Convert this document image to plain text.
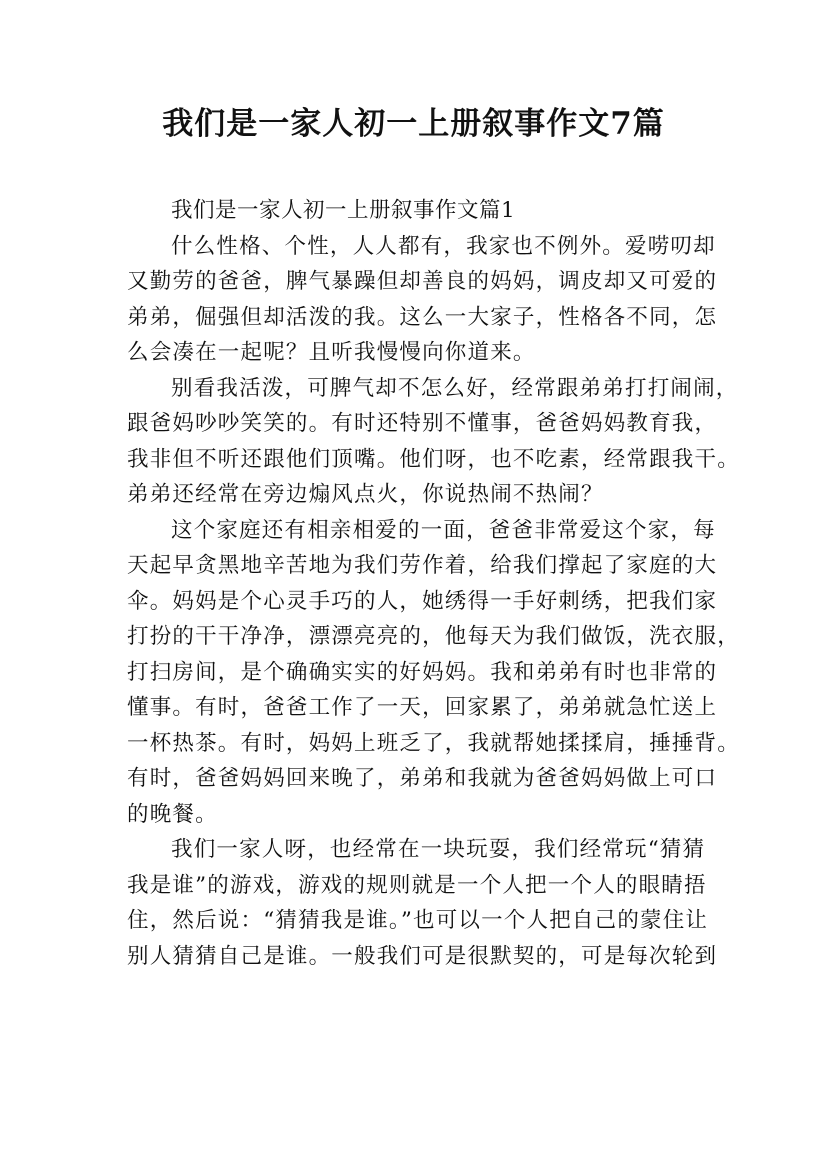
我们是一家人初一上册叙事作文7篇
我们是一家人初一上册叙事作文篇1
什么性格、个性，人人都有，我家也不例外。爱唠叨却
又勤劳的爸爸，脾气暴躁但却善良的妈妈，调皮却又可爱的
弟弟，倔强但却活泼的我。这么一大家子，性格各不同，怎
么会凑在一起呢？且听我慢慢向你道来。
别看我活泼，可脾气却不怎么好，经常跟弟弟打打闹闹，
跟爸妈吵吵笑笑的。有时还特别不懂事，爸爸妈妈教育我，
我非但不听还跟他们顶嘴。他们呀，也不吃素，经常跟我干。
弟弟还经常在旁边煽风点火，你说热闹不热闹？
这个家庭还有相亲相爱的一面，爸爸非常爱这个家，每
天起早贪黑地辛苦地为我们劳作着，给我们撑起了家庭的大
伞。妈妈是个心灵手巧的人，她绣得一手好刺绣，把我们家
打扮的干干净净，漂漂亮亮的，他每天为我们做饭，洗衣服，
打扫房间，是个确确实实的好妈妈。我和弟弟有时也非常的
懂事。有时，爸爸工作了一天，回家累了，弟弟就急忙送上
一杯热茶。有时，妈妈上班乏了，我就帮她揉揉肩，捶捶背。
有时，爸爸妈妈回来晚了，弟弟和我就为爸爸妈妈做上可口
的晚餐。
我们一家人呀，也经常在一块玩耍，我们经常玩“猜猜
我是谁”的游戏，游戏的规则就是一个人把一个人的眼睛捂
住，然后说：“猜猜我是谁。”也可以一个人把自己的蒙住让
别人猜猜自己是谁。一般我们可是很默契的，可是每次轮到
